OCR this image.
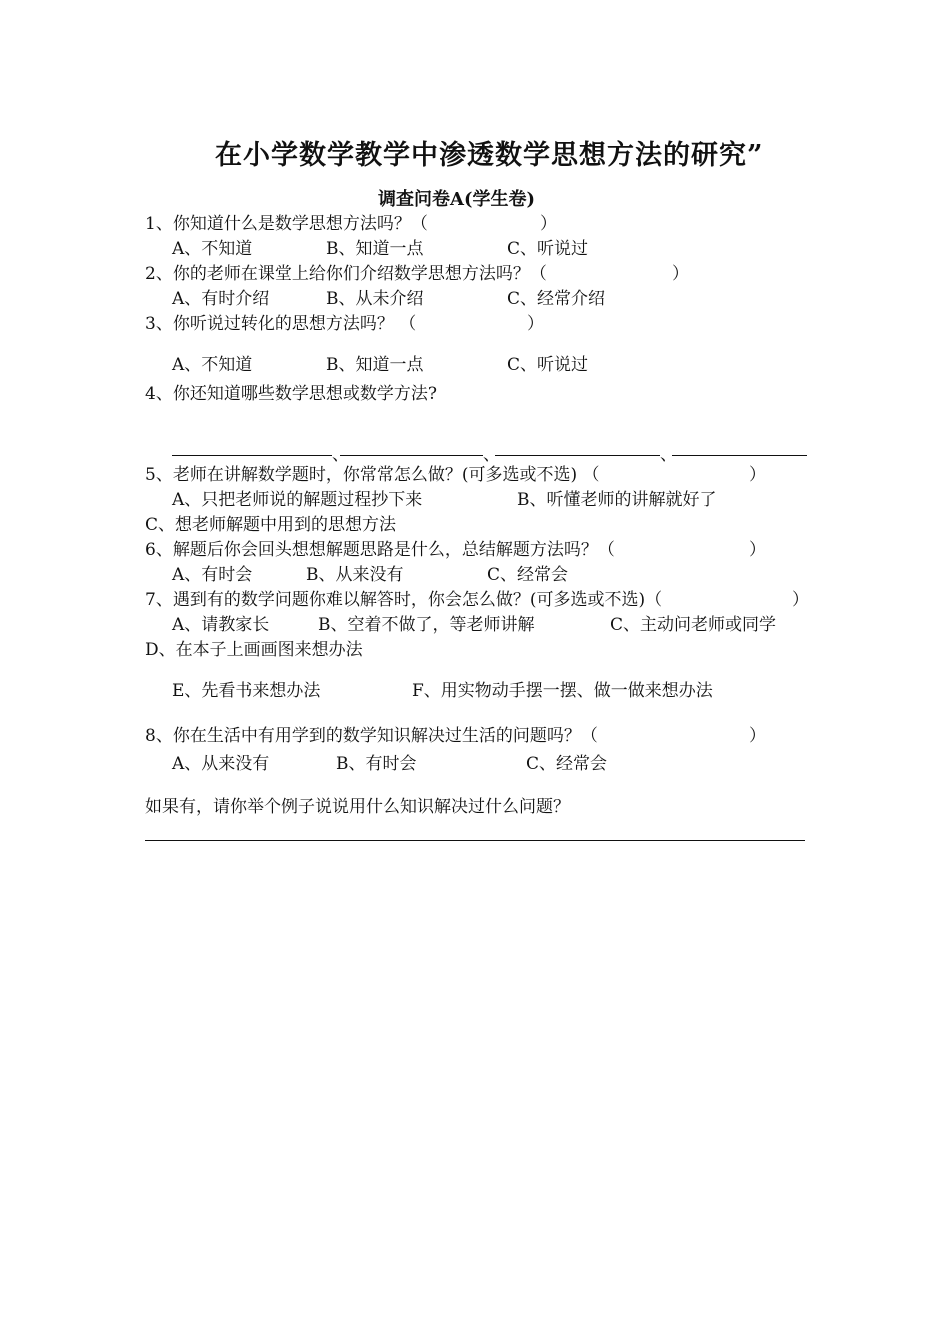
在小学数学教学中渗透数学思想方法的研究”
调查问卷A(学生卷)
1、你知道什么是数学思想方法吗？（	）
A、不知道	B、知道一点	C、听说过
2、你的老师在课堂上给你们介绍数学思想方法吗？（	）
A、有时介绍	B、从未介绍	C、经常介绍
3、你听说过转化的思想方法吗？ （	）
A、不知道	B、知道一点	C、听说过
4、你还知道哪些数学思想或数学方法?
、	、	、
5、老师在讲解数学题时，你常常怎么做？(可多选或不选) （	）
A、只把老师说的解题过程抄下来	B、听懂老师的讲解就好了
C、想老师解题中用到的思想方法
6、解题后你会回头想想解题思路是什么，总结解题方法吗？（	）
A、有时会	B、从来没有	C、经常会
7、遇到有的数学问题你难以解答时，你会怎么做？(可多选或不选)（	）
A、请教家长	B、空着不做了，等老师讲解	C、主动问老师或同学
D、在本子上画画图来想办法
E、先看书来想办法	F、用实物动手摆一摆、做一做来想办法
8、你在生活中有用学到的数学知识解决过生活的问题吗？（	）
A、从来没有	B、有时会	C、经常会
如果有，请你举个例子说说用什么知识解决过什么问题？
